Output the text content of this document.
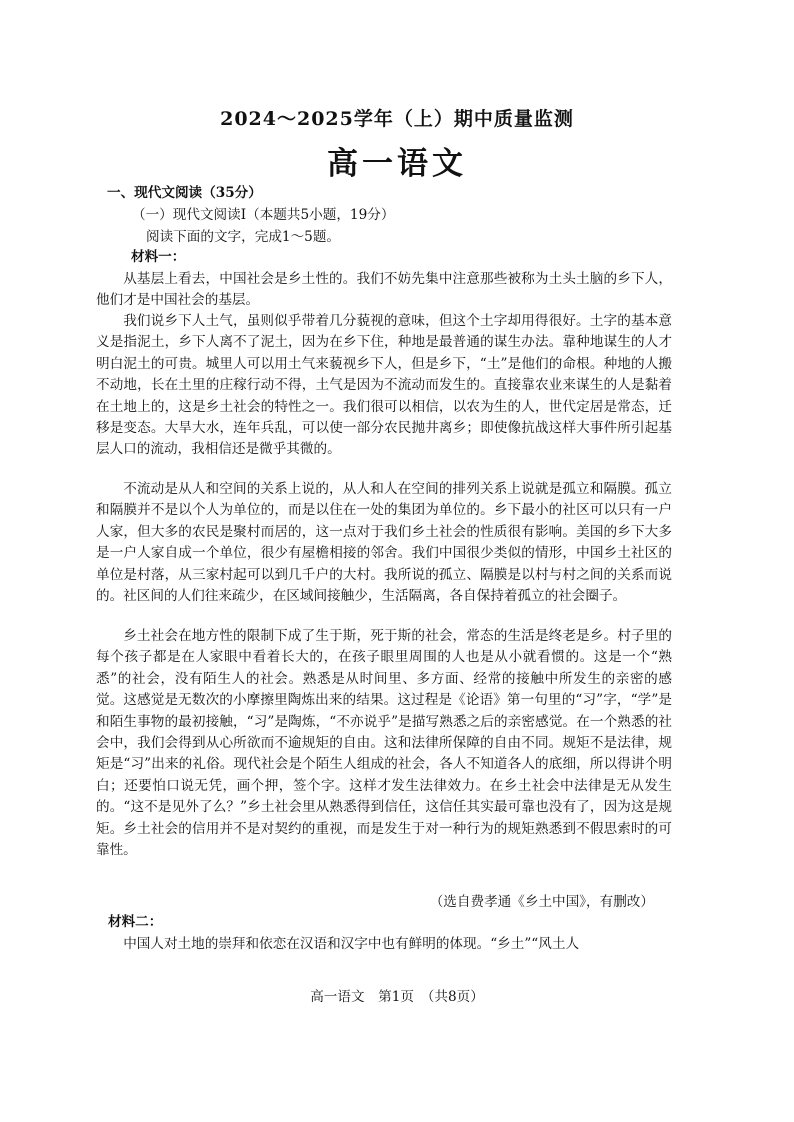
2024～2025学年（上）期中质量监测
高一语文
一、现代文阅读（35分）
（一）现代文阅读Ⅰ（本题共5小题，19分）
阅读下面的文字，完成1～5题。
材料一：
从基层上看去，中国社会是乡土性的。我们不妨先集中注意那些被称为土头土脑的乡下人，他们才是中国社会的基层。
我们说乡下人土气，虽则似乎带着几分藐视的意味，但这个土字却用得很好。土字的基本意义是指泥土，乡下人离不了泥土，因为在乡下住，种地是最普通的谋生办法。靠种地谋生的人才明白泥土的可贵。城里人可以用土气来藐视乡下人，但是乡下，“土”是他们的命根。种地的人搬不动地，长在土里的庄稼行动不得，土气是因为不流动而发生的。直接靠农业来谋生的人是黏着在土地上的，这是乡土社会的特性之一。我们很可以相信，以农为生的人，世代定居是常态，迁移是变态。大旱大水，连年兵乱，可以使一部分农民抛井离乡；即使像抗战这样大事件所引起基层人口的流动，我相信还是微乎其微的。
不流动是从人和空间的关系上说的，从人和人在空间的排列关系上说就是孤立和隔膜。孤立和隔膜并不是以个人为单位的，而是以住在一处的集团为单位的。乡下最小的社区可以只有一户人家，但大多的农民是聚村而居的，这一点对于我们乡土社会的性质很有影响。美国的乡下大多是一户人家自成一个单位，很少有屋檐相接的邻舍。我们中国很少类似的情形，中国乡土社区的单位是村落，从三家村起可以到几千户的大村。我所说的孤立、隔膜是以村与村之间的关系而说的。社区间的人们往来疏少，在区域间接触少，生活隔离，各自保持着孤立的社会圈子。
乡土社会在地方性的限制下成了生于斯，死于斯的社会，常态的生活是终老是乡。村子里的每个孩子都是在人家眼中看着长大的，在孩子眼里周围的人也是从小就看惯的。这是一个“熟悉”的社会，没有陌生人的社会。熟悉是从时间里、多方面、经常的接触中所发生的亲密的感觉。这感觉是无数次的小摩擦里陶炼出来的结果。这过程是《论语》第一句里的“习”字，“学”是和陌生事物的最初接触，“习”是陶炼，“不亦说乎”是描写熟悉之后的亲密感觉。在一个熟悉的社会中，我们会得到从心所欲而不逾规矩的自由。这和法律所保障的自由不同。规矩不是法律，规矩是“习”出来的礼俗。现代社会是个陌生人组成的社会，各人不知道各人的底细，所以得讲个明白；还要怕口说无凭，画个押，签个字。这样才发生法律效力。在乡土社会中法律是无从发生的。“这不是见外了么？”乡土社会里从熟悉得到信任，这信任其实最可靠也没有了，因为这是规矩。乡土社会的信用并不是对契约的重视，而是发生于对一种行为的规矩熟悉到不假思索时的可靠性。
（选自费孝通《乡土中国》，有删改）
材料二：
中国人对土地的崇拜和依恋在汉语和汉字中也有鲜明的体现。“乡土”“风土人
高一语文　第1页　（共8页）
